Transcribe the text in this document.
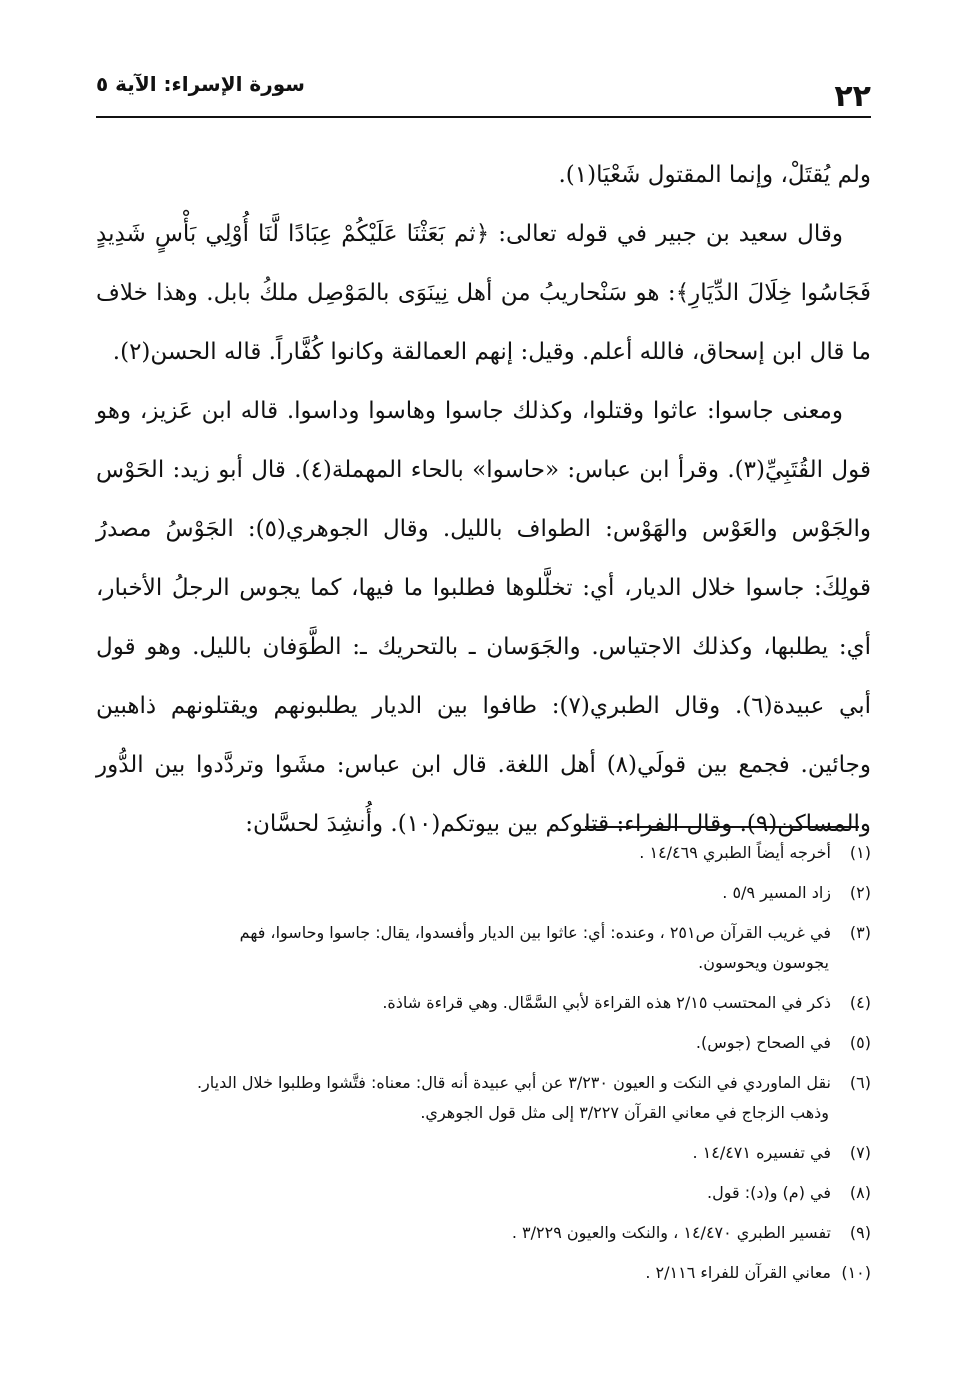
٢٢
سورة الإسراء: الآية ٥

ولم يُقتَلْ، وإنما المقتول شَعْيَا(١).

وقال سعيد بن جبير في قوله تعالى: ﴿ثم بَعَثْنَا عَلَيْكُمْ عِبَادًا لَّنَا أُوْلِي بَأْسٍ شَدِيدٍ فَجَاسُوا خِلَالَ الدِّيَارِ﴾: هو سَنْحاريبُ من أهل نِينَوَى بالمَوْصِل ملكُ بابل. وهذا خلاف ما قال ابن إسحاق، فالله أعلم. وقيل: إنهم العمالقة وكانوا كُفَّاراً. قاله الحسن(٢).

ومعنى جاسوا: عاثوا وقتلوا، وكذلك جاسوا وهاسوا وداسوا. قاله ابن عَزيز، وهو قول القُتَبِيِّ(٣). وقرأ ابن عباس: «حاسوا» بالحاء المهملة(٤). قال أبو زيد: الحَوْس والجَوْس والعَوْس والهَوْس: الطواف بالليل. وقال الجوهري(٥): الجَوْسُ مصدرُ قولِكَ: جاسوا خلال الديار، أي: تخلَّلوها فطلبوا ما فيها، كما يجوس الرجلُ الأخبار، أي: يطلبها، وكذلك الاجتياس. والجَوَسان ـ بالتحريك ـ: الطَّوَفان بالليل. وهو قول أبي عبيدة(٦). وقال الطبري(٧): طافوا بين الديار يطلبونهم ويقتلونهم ذاهبين وجائين. فجمع بين قولَي(٨) أهل اللغة. قال ابن عباس: مشَوا وتردَّدوا بين الدُّور والمساكن(٩). وقال الفراء: قتلوكم بين بيوتكم(١٠). وأُنشِدَ لحسَّان:

(١)أخرجه أيضاً الطبري ١٤/٤٦٩ .
(٢)زاد المسير ٥/٩ .
(٣)في غريب القرآن ص٢٥١ ، وعنده: أي: عاثوا بين الديار وأفسدوا، يقال: جاسوا وحاسوا، فهم
يجوسون ويحوسون.
(٤)ذكر في المحتسب ٢/١٥ هذه القراءة لأبي السَّمَّال. وهي قراءة شاذة.
(٥)في الصحاح (جوس).
(٦)نقل الماوردي في النكت و العيون ٣/٢٣٠ عن أبي عبيدة أنه قال: معناه: فتَّشوا وطلبوا خلال الديار.
وذهب الزجاج في معاني القرآن ٣/٢٢٧ إلى مثل قول الجوهري.
(٧)في تفسيره ١٤/٤٧١ .
(٨)في (م) و(د): قول.
(٩)تفسير الطبري ١٤/٤٧٠ ، والنكت والعيون ٣/٢٢٩ .
(١٠)معاني القرآن للفراء ٢/١١٦ .
